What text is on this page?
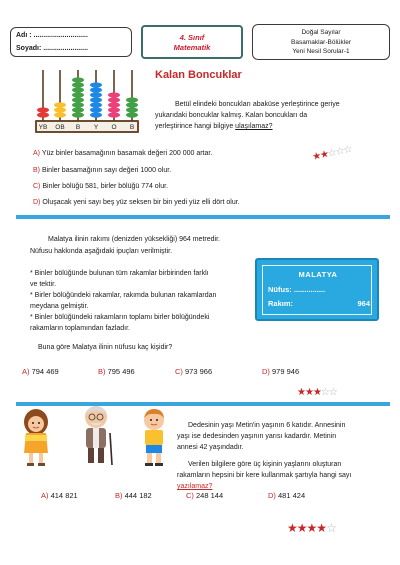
Adı : ............................
Soyadı: .......................
4. Sınıf
Matematik
Doğal Sayılar
Basamaklar-Bölükler
Yeni Nesil Sorular-1
YB OB B Y O B
Kalan Boncuklar
Betül elindeki boncukları abaküse yerleştirince geriye
yukarıdaki boncuklar kalmış. Kalan boncukları da
yerleştirince hangi bilgiye ulaşılamaz?
A) Yüz binler basamağının basamak değeri 200 000 artar.
B) Binler basamağının sayı değeri 1000 olur.
C) Binler bölüğü 581, birler bölüğü 774 olur.
D) Oluşacak yeni sayı beş yüz seksen bir bin yedi yüz elli dört olur.
★★☆☆☆
Malatya ilinin rakımı (denizden yüksekliği) 964 metredir.
Nüfusu hakkında aşağıdaki ipuçları verilmiştir.
* Binler bölüğünde bulunan tüm rakamlar birbirinden farklı
ve tektir.
* Birler bölüğündeki rakamlar, rakımda bulunan rakamlardan
meydana gelmiştir.
* Binler bölüğündeki rakamların toplamı birler bölüğündeki
rakamların toplamından fazladır.
Buna göre Malatya ilinin nüfusu kaç kişidir?
MALATYA
Nüfus: ...............
Rakım:	964
A) 794 469	B) 795 496	C) 973 966	D) 979 946
★★★☆☆
Dedesinin yaşı Metin'in yaşının 6 katıdır. Annesinin
yaşı ise dedesinden yaşının yarısı kadardır. Metinin
annesi 42 yaşındadır.
Verilen bilgilere göre üç kişinin yaşlarını oluşturan
rakamların hepsini bir kere kullanmak şartıyla hangi sayı
yazılamaz?
A) 414 821	B) 444 182	C) 248 144	D) 481 424
★★★★☆
